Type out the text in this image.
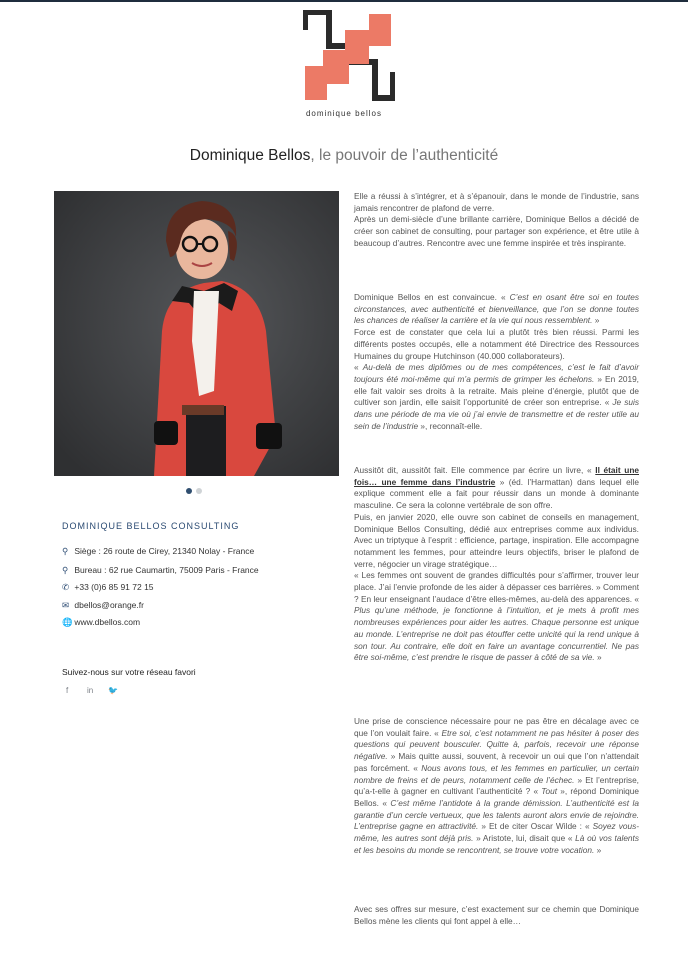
dominique bellos
Dominique Bellos, le pouvoir de l’authenticité
DOMINIQUE BELLOS CONSULTING
⚲ Siège : 26 route de Cirey, 21340 Nolay - France
⚲ Bureau : 62 rue Caumartin, 75009 Paris - France
✆ +33 (0)6 85 91 72 15
✉ dbellos@orange.fr
🌐 www.dbellos.com
Suivez-nous sur votre réseau favori
f in 🐦

Elle a réussi à s’intégrer, et à s’épanouir, dans le monde de l’industrie, sans jamais rencontrer de plafond de verre.

Après un demi-siècle d’une brillante carrière, Dominique Bellos a décidé de créer son cabinet de consulting, pour partager son expérience, et être utile à beaucoup d’autres. Rencontre avec une femme inspirée et très inspirante.

Dominique Bellos en est convaincue. « C’est en osant être soi en toutes circonstances, avec authenticité et bienveillance, que l’on se donne toutes les chances de réaliser la carrière et la vie qui nous ressemblent. »

Force est de constater que cela lui a plutôt très bien réussi. Parmi les différents postes occupés, elle a notamment été Directrice des Ressources Humaines du groupe Hutchinson (40.000 collaborateurs).
« Au-delà de mes diplômes ou de mes compétences, c’est le fait d’avoir toujours été moi-même qui m’a permis de grimper les échelons. » En 2019, elle fait valoir ses droits à la retraite. Mais pleine d’énergie, plutôt que de cultiver son jardin, elle saisit l’opportunité de créer son entreprise. « Je suis dans une période de ma vie où j’ai envie de transmettre et de rester utile au sein de l’industrie », reconnaît-elle.

Aussitôt dit, aussitôt fait. Elle commence par écrire un livre, « Il était une fois… une femme dans l’industrie » (éd. l’Harmattan) dans lequel elle explique comment elle a fait pour réussir dans un monde à dominante masculine. Ce sera la colonne vertébrale de son offre.

Puis, en janvier 2020, elle ouvre son cabinet de conseils en management, Dominique Bellos Consulting, dédié aux entreprises comme aux individus. Avec un triptyque à l’esprit : efficience, partage, inspiration. Elle accompagne notamment les femmes, pour atteindre leurs objectifs, briser le plafond de verre, négocier un virage stratégique…

« Les femmes ont souvent de grandes difficultés pour s’affirmer, trouver leur place. J’ai l’envie profonde de les aider à dépasser ces barrières. » Comment ? En leur enseignant l’audace d’être elles-mêmes, au-delà des apparences. « Plus qu’une méthode, je fonctionne à l’intuition, et je mets à profit mes nombreuses expériences pour aider les autres. Chaque personne est unique au monde. L’entreprise ne doit pas étouffer cette unicité qui la rend unique à son tour. Au contraire, elle doit en faire un avantage concurrentiel. Ne pas être soi-même, c’est prendre le risque de passer à côté de sa vie. »

Une prise de conscience nécessaire pour ne pas être en décalage avec ce que l’on voulait faire. « Etre soi, c’est notamment ne pas hésiter à poser des questions qui peuvent bousculer. Quitte à, parfois, recevoir une réponse négative. » Mais quitte aussi, souvent, à recevoir un oui que l’on n’attendait pas forcément. « Nous avons tous, et les femmes en particulier, un certain nombre de freins et de peurs, notamment celle de l’échec. » Et l’entreprise, qu’a-t-elle à gagner en cultivant l’authenticité ? « Tout », répond Dominique Bellos. « C’est même l’antidote à la grande démission. L’authenticité est la garantie d’un cercle vertueux, que les talents auront alors envie de rejoindre. L’entreprise gagne en attractivité. » Et de citer Oscar Wilde : « Soyez vous-même, les autres sont déjà pris. » Aristote, lui, disait que « Là où vos talents et les besoins du monde se rencontrent, se trouve votre vocation. »

Avec ses offres sur mesure, c’est exactement sur ce chemin que Dominique Bellos mène les clients qui font appel à elle…
